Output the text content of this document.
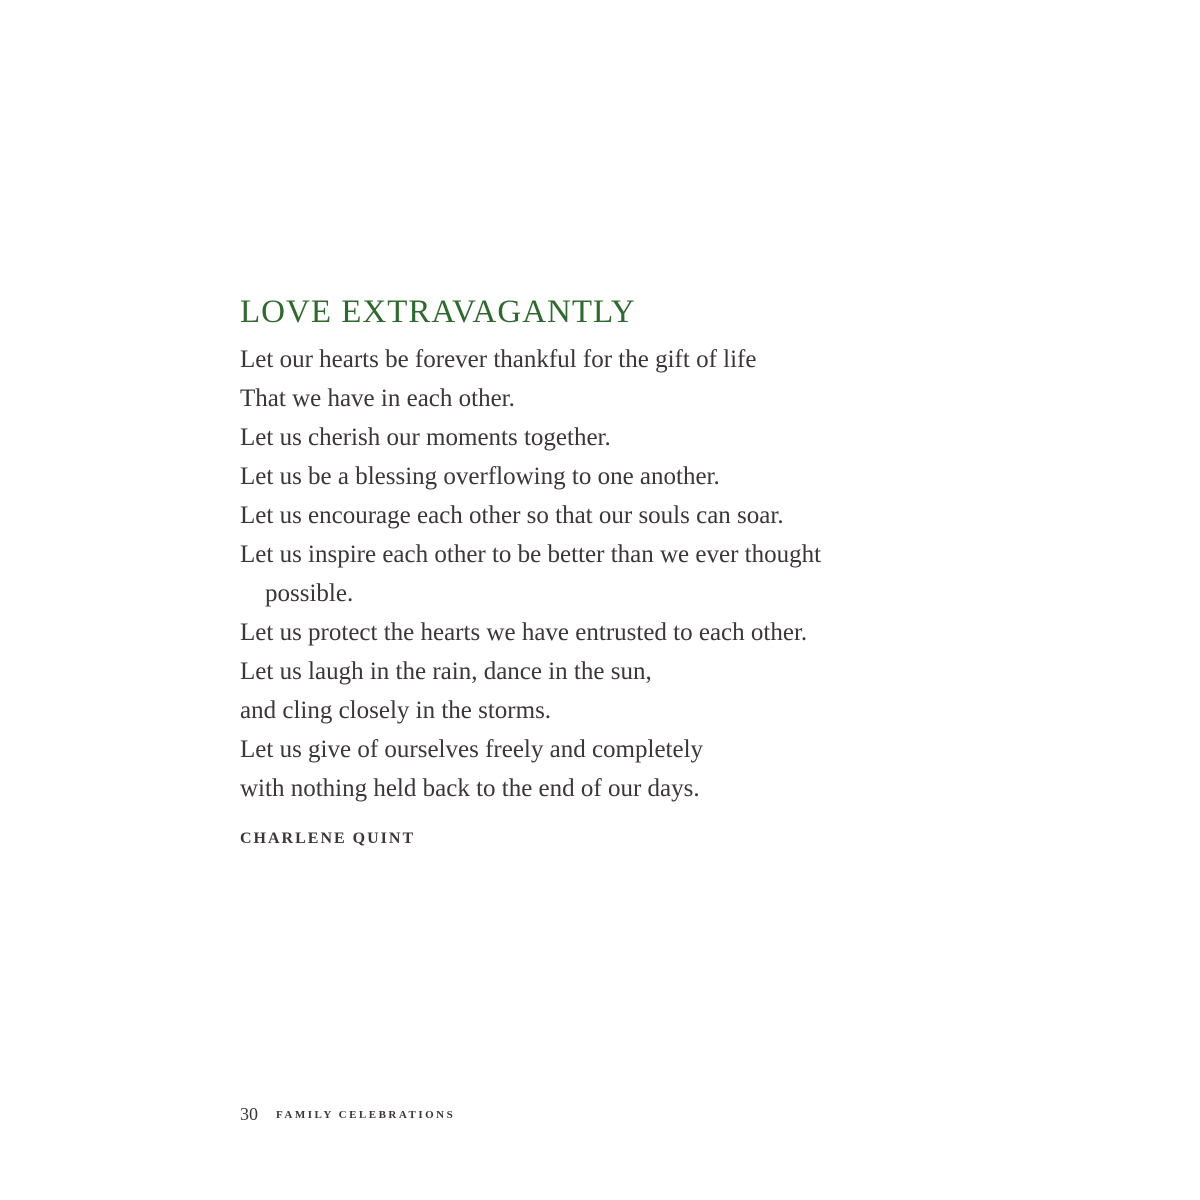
LOVE EXTRAVAGANTLY
Let our hearts be forever thankful for the gift of life
That we have in each other.
Let us cherish our moments together.
Let us be a blessing overflowing to one another.
Let us encourage each other so that our souls can soar.
Let us inspire each other to be better than we ever thought
possible.
Let us protect the hearts we have entrusted to each other.
Let us laugh in the rain, dance in the sun,
and cling closely in the storms.
Let us give of ourselves freely and completely
with nothing held back to the end of our days.
CHARLENE QUINT
30 FAMILY CELEBRATIONS
